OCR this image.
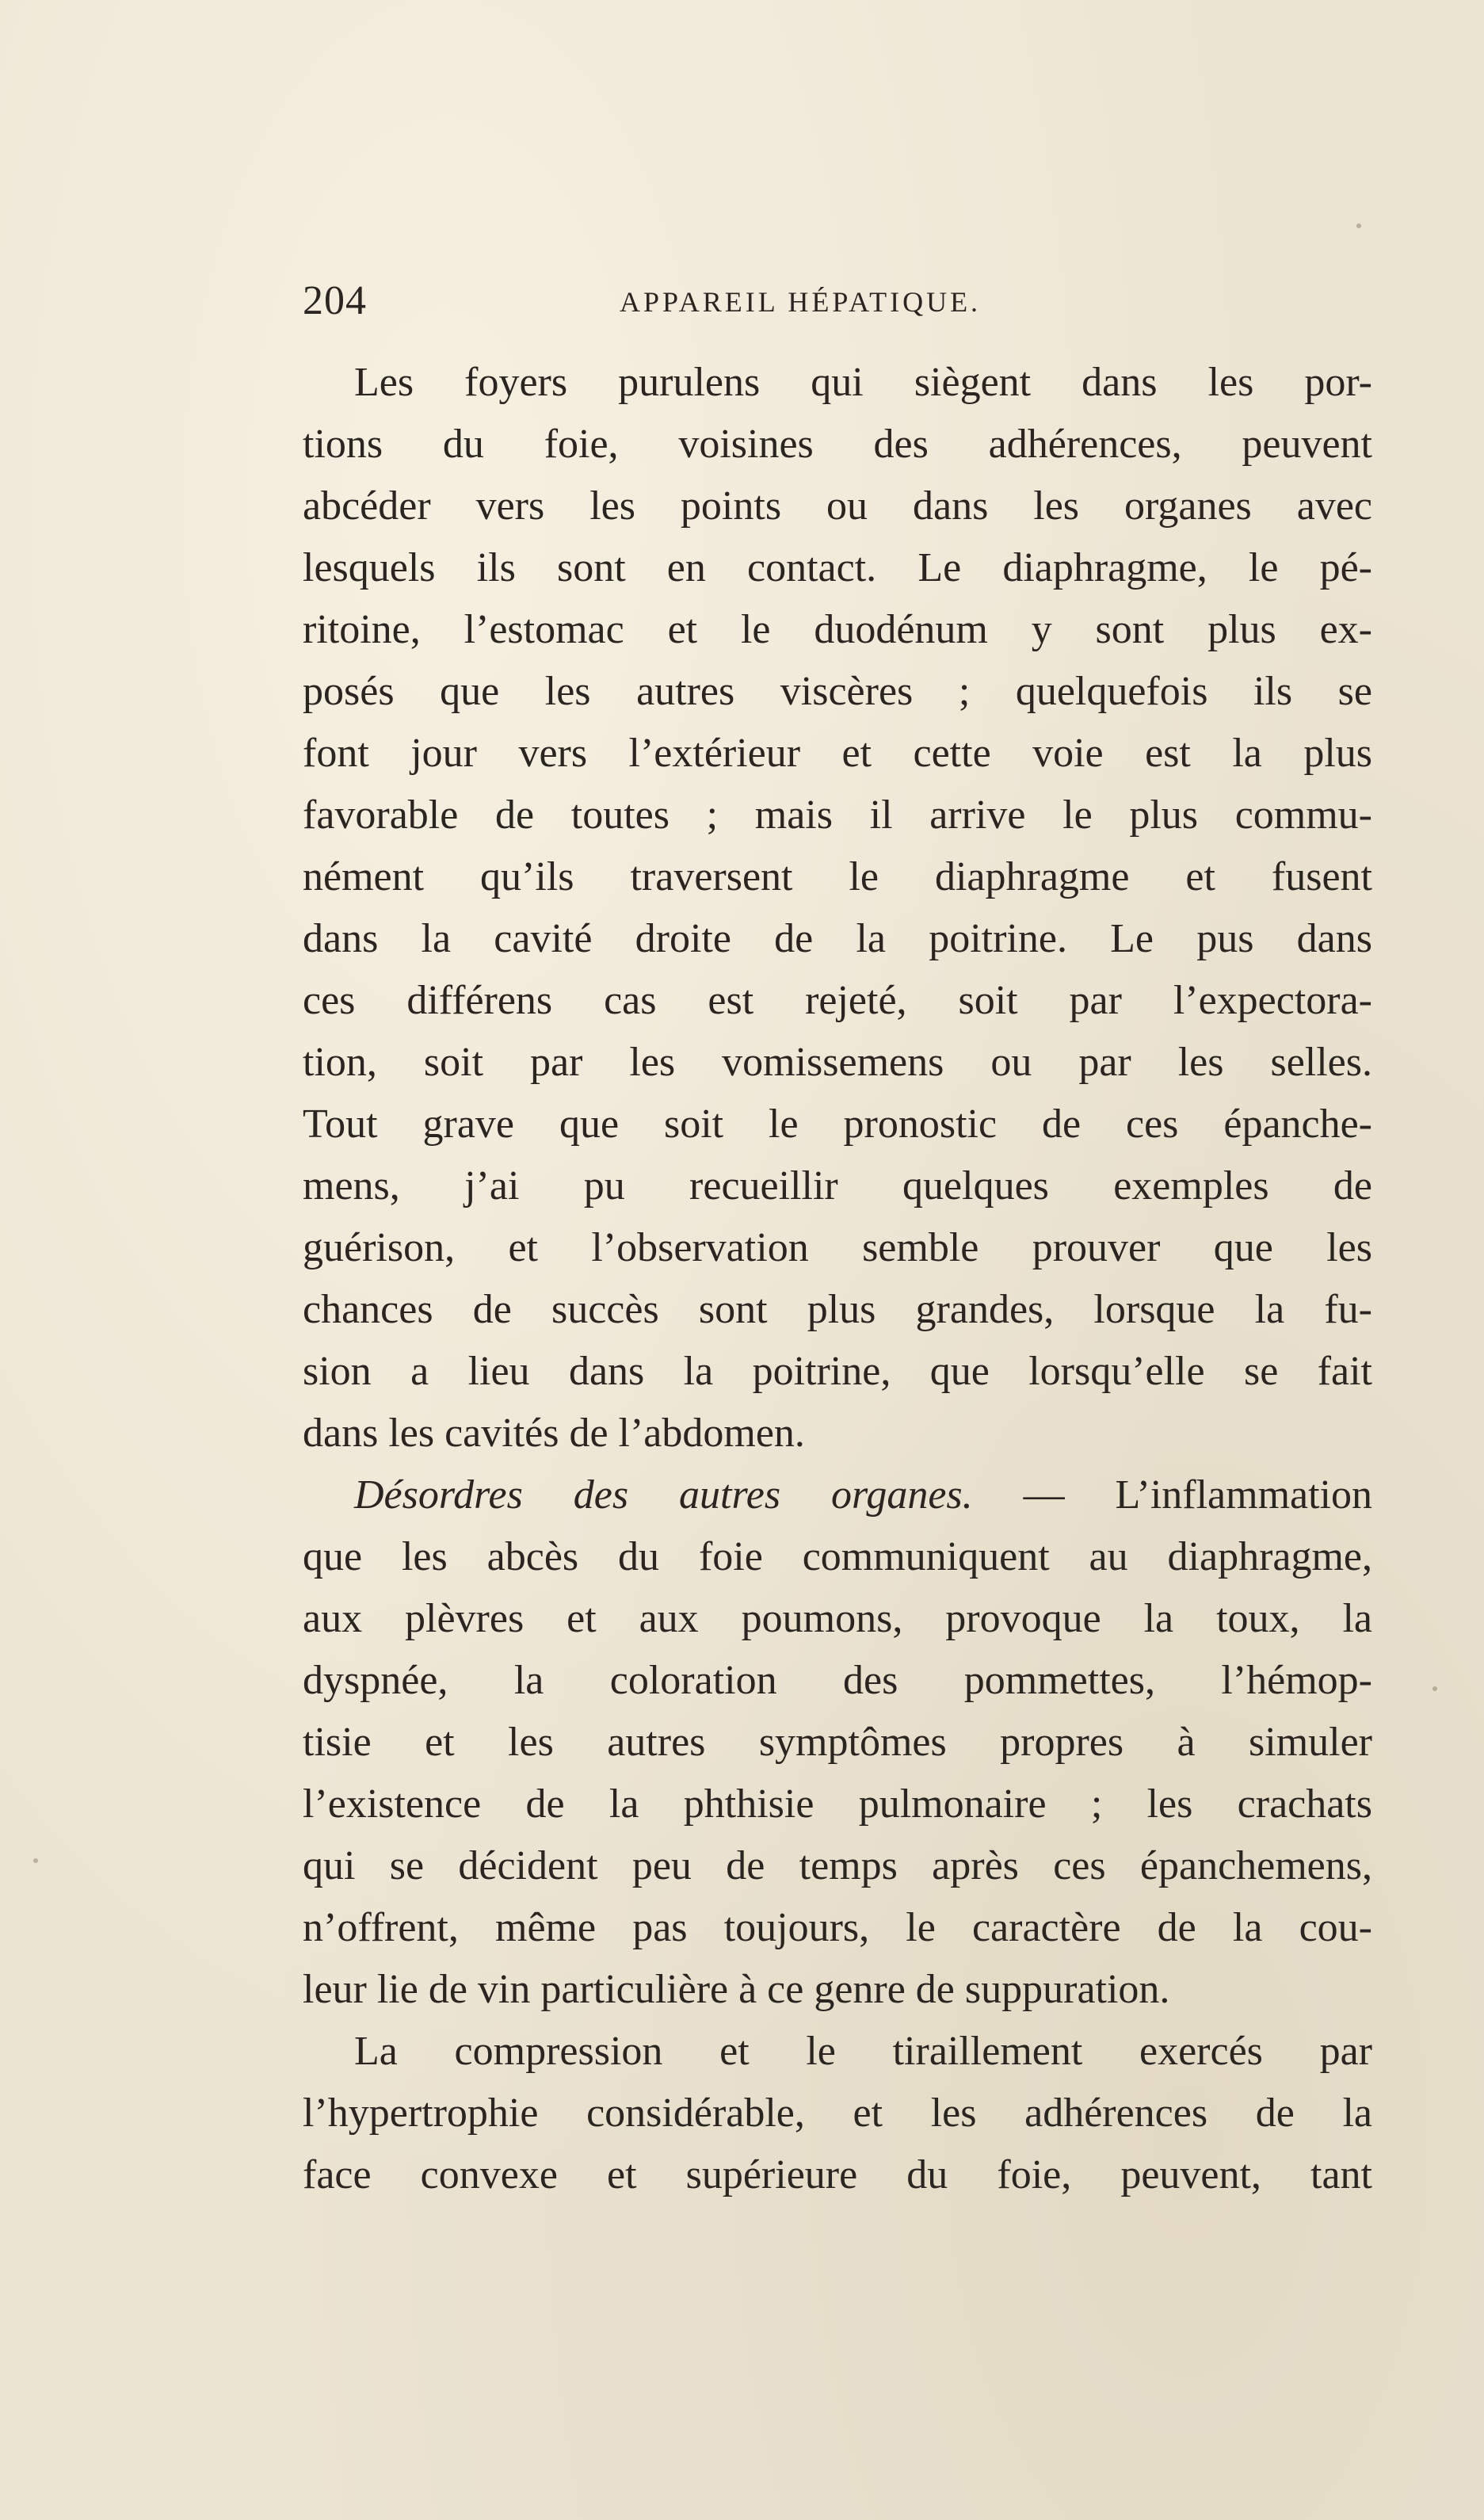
204	APPAREIL HÉPATIQUE.
Les foyers purulens qui siègent dans les por-
tions du foie, voisines des adhérences, peuvent
abcéder vers les points ou dans les organes avec
lesquels ils sont en contact. Le diaphragme, le pé-
ritoine, l’estomac et le duodénum y sont plus ex-
posés que les autres viscères ; quelquefois ils se
font jour vers l’extérieur et cette voie est la plus
favorable de toutes ; mais il arrive le plus commu-
nément qu’ils traversent le diaphragme et fusent
dans la cavité droite de la poitrine. Le pus dans
ces différens cas est rejeté, soit par l’expectora-
tion, soit par les vomissemens ou par les selles.
Tout grave que soit le pronostic de ces épanche-
mens, j’ai pu recueillir quelques exemples de
guérison, et l’observation semble prouver que les
chances de succès sont plus grandes, lorsque la fu-
sion a lieu dans la poitrine, que lorsqu’elle se fait
dans les cavités de l’abdomen.
Désordres des autres organes. — L’inflammation
que les abcès du foie communiquent au diaphragme,
aux plèvres et aux poumons, provoque la toux, la
dyspnée, la coloration des pommettes, l’hémop-
tisie et les autres symptômes propres à simuler
l’existence de la phthisie pulmonaire ; les crachats
qui se décident peu de temps après ces épanchemens,
n’offrent, même pas toujours, le caractère de la cou-
leur lie de vin particulière à ce genre de suppuration.
La compression et le tiraillement exercés par
l’hypertrophie considérable, et les adhérences de la
face convexe et supérieure du foie, peuvent, tant
